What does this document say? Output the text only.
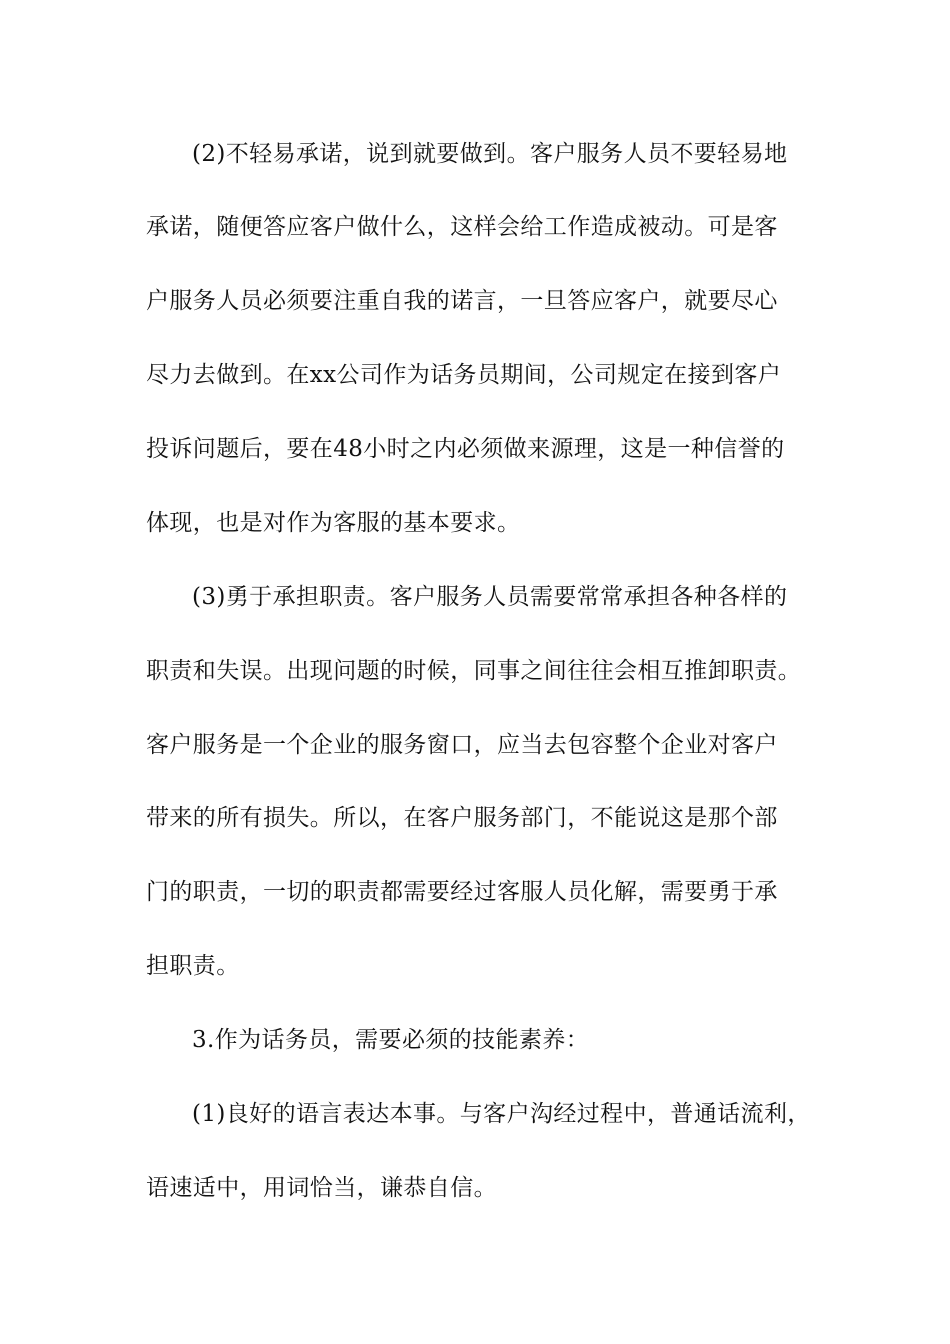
(2)不轻易承诺，说到就要做到。客户服务人员不要轻易地
承诺，随便答应客户做什么，这样会给工作造成被动。可是客
户服务人员必须要注重自我的诺言，一旦答应客户，就要尽心
尽力去做到。在xx公司作为话务员期间，公司规定在接到客户
投诉问题后，要在48小时之内必须做来源理，这是一种信誉的
体现，也是对作为客服的基本要求。
(3)勇于承担职责。客户服务人员需要常常承担各种各样的
职责和失误。出现问题的时候，同事之间往往会相互推卸职责。
客户服务是一个企业的服务窗口，应当去包容整个企业对客户
带来的所有损失。所以，在客户服务部门，不能说这是那个部
门的职责，一切的职责都需要经过客服人员化解，需要勇于承
担职责。
3.作为话务员，需要必须的技能素养：
(1)良好的语言表达本事。与客户沟经过程中，普通话流利，
语速适中，用词恰当，谦恭自信。
